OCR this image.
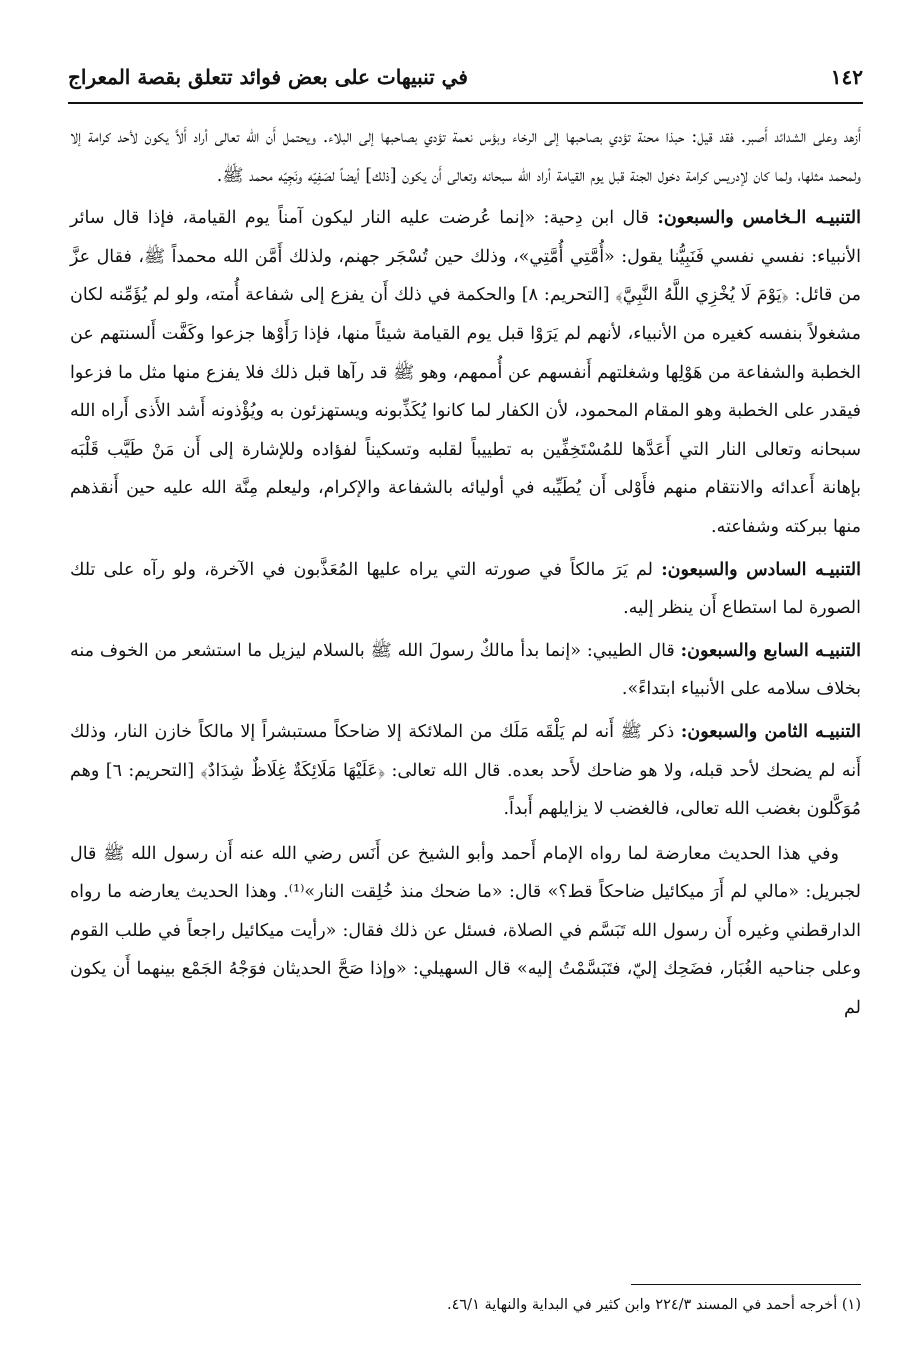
١٤٢
في تنبيهات على بعض فوائد تتعلق بقصة المعراج

أَزهد وعلى الشدائد أَصبر. فقد قيل: حبذا محنة تؤدي بصاحبها إلى الرخاء وبؤس نعمة تؤدي بصاحبها إلى البلاء. ويحتمل أَن الله تعالى أراد أَلاَّ يكون لأحد كرامة إلا ولمحمد مثلها، ولما كان لإدريس كرامة دخول الجنة قبل يوم القيامة أراد الله سبحانه وتعالى أَن يكون [ذلك] أيضاً لصَفِيّه ونَجِيّه محمد ﷺ.

التنبيـه الـخامس والسبعون: قال ابن دِحية: «إنما عُرضت عليه النار ليكون آمناً يوم القيامة، فإذا قال سائر الأنبياء: نفسي نفسي فَنَبِيُّنا يقول: «أُمَّتِي أُمَّتِي»، وذلك حين تُسْجَر جهنم، ولذلك أَمَّن الله محمداً ﷺ، فقال عزَّ من قائل: ﴿يَوْمَ لَا يُخْزِي اللَّهُ النَّبِيَّ﴾ [التحريم: ٨] والحكمة في ذلك أَن يفزع إلى شفاعة أُمته، ولو لم يُؤَمِّنه لكان مشغولاً بنفسه كغيره من الأنبياء، لأنهم لم يَرَوْا قبل يوم القيامة شيئاً منها، فإذا رَأَوْها جزعوا وكَفَّت أَلسنتهم عن الخطبة والشفاعة من هَوْلِها وشغلتهم أَنفسهم عن أُممهم، وهو ﷺ قد رآها قبل ذلك فلا يفزع منها مثل ما فزعوا فيقدر على الخطبة وهو المقام المحمود، لأن الكفار لما كانوا يُكَذِّبونه ويستهزئون به ويُؤْذونه أَشد الأَذى أَراه الله سبحانه وتعالى النار التي أَعَدَّها للمُسْتَخِفِّين به تطييباً لقلبه وتسكيناً لفؤاده وللإشارة إلى أَن مَنْ طَيَّب قَلْبَه بإهانة أَعدائه والانتقام منهم فأَوْلى أَن يُطَيِّبه في أوليائه بالشفاعة والإكرام، وليعلم مِنَّة الله عليه حين أَنقذهم منها ببركته وشفاعته.

التنبيـه السادس والسبعون: لم يَرَ مالكاً في صورته التي يراه عليها المُعَذَّبون في الآخرة، ولو رآه على تلك الصورة لما استطاع أَن ينظر إليه.

التنبيـه السابع والسبعون: قال الطيبي: «إنما بدأ مالكٌ رسولَ الله ﷺ بالسلام ليزيل ما استشعر من الخوف منه بخلاف سلامه على الأنبياء ابتداءً».

التنبيـه الثامن والسبعون: ذكر ﷺ أَنه لم يَلْقَه مَلَك من الملائكة إلا ضاحكاً مستبشراً إلا مالكاً خازن النار، وذلك أَنه لم يضحك لأحد قبله، ولا هو ضاحك لأَحد بعده. قال الله تعالى: ﴿عَلَيْهَا مَلَائِكَةٌ غِلَاظٌ شِدَادٌ﴾ [التحريم: ٦] وهم مُوَكَّلون بغضب الله تعالى، فالغضب لا يزايلهم أَبداً.

وفي هذا الحديث معارضة لما رواه الإمام أَحمد وأبو الشيخ عن أَنَس رضي الله عنه أَن رسول الله ﷺ قال لجبريل: «مالي لم أَرَ ميكائيل ضاحكاً قط؟» قال: «ما ضحك منذ خُلِقت النار»⁽¹⁾. وهذا الحديث يعارضه ما رواه الدارقطني وغيره أَن رسول الله تَبَسَّم في الصلاة، فسئل عن ذلك فقال: «رأيت ميكائيل راجعاً في طلب القوم وعلى جناحيه الغُبَار، فضَحِك إليّ، فتَبَسَّمْتُ إليه» قال السهيلي: «وإذا صَحَّ الحديثان فوَجْهُ الجَمْع بينهما أَن يكون لم

(١) أخرجه أحمد في المسند ٢٢٤/٣ وابن كثير في البداية والنهاية ٤٦/١.
